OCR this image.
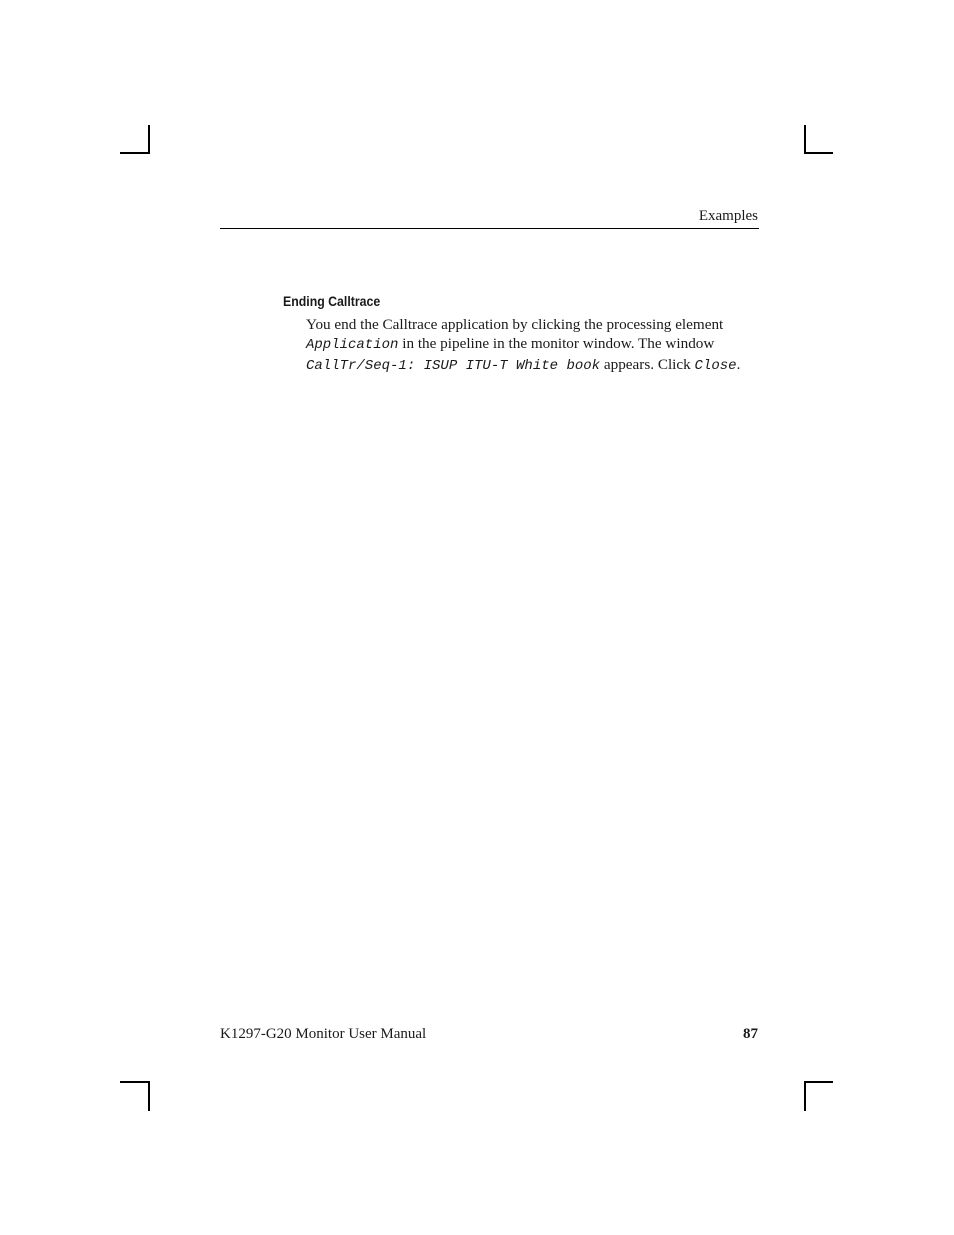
Examples
Ending Calltrace

You end the Calltrace application by clicking the processing element Application in the pipeline in the monitor window. The window CallTr/Seq-1: ISUP ITU-T White book appears. Click Close.

K1297-G20 Monitor User Manual	87
